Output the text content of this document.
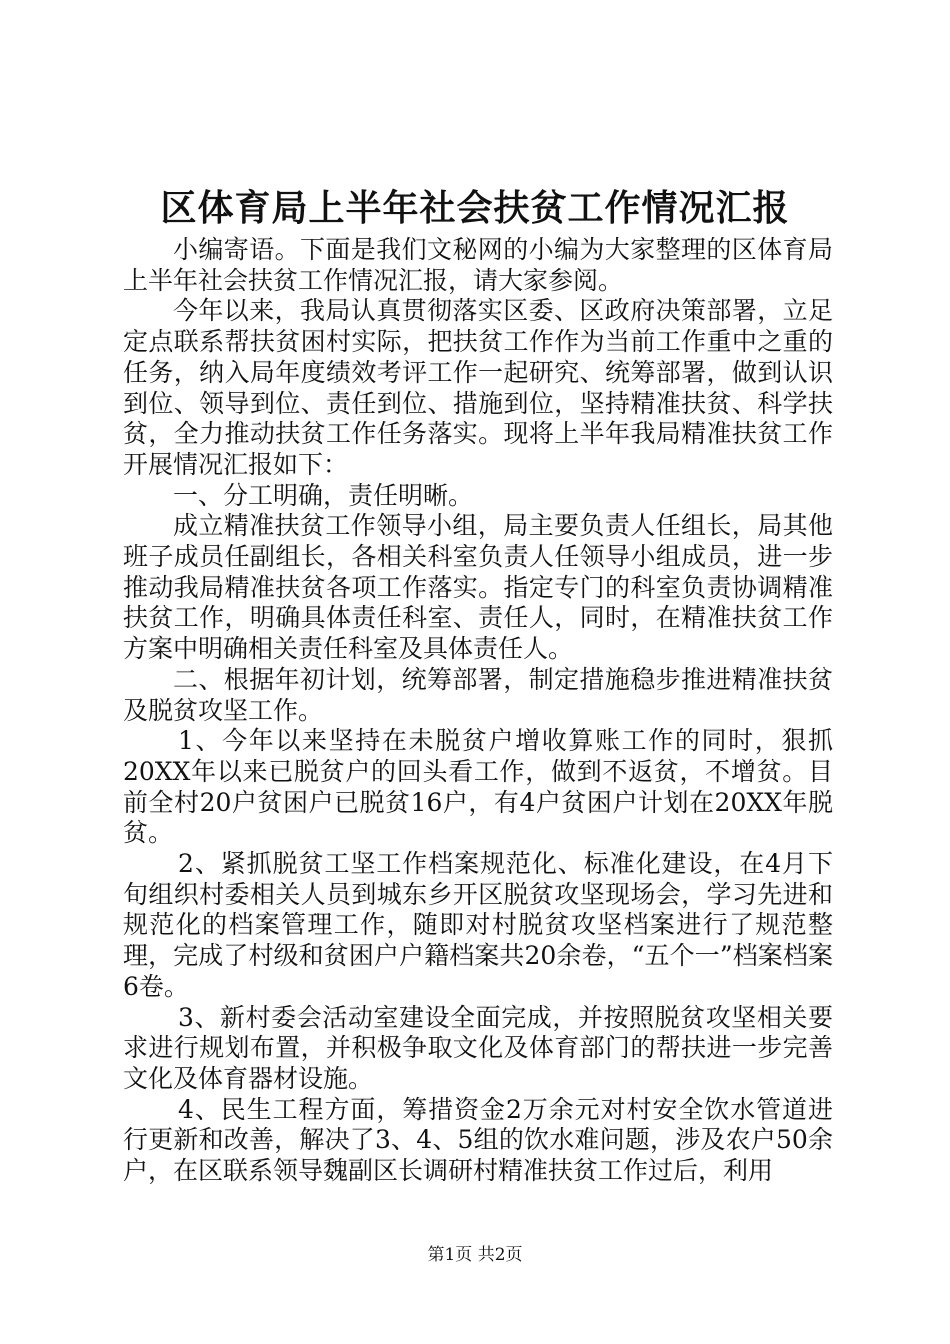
区体育局上半年社会扶贫工作情况汇报

小编寄语。下面是我们文秘网的小编为大家整理的区体育局上半年社会扶贫工作情况汇报，请大家参阅。

今年以来，我局认真贯彻落实区委、区政府决策部署，立足定点联系帮扶贫困村实际，把扶贫工作作为当前工作重中之重的任务，纳入局年度绩效考评工作一起研究、统筹部署，做到认识到位、领导到位、责任到位、措施到位，坚持精准扶贫、科学扶贫，全力推动扶贫工作任务落实。现将上半年我局精准扶贫工作开展情况汇报如下：

一、分工明确，责任明晰。

成立精准扶贫工作领导小组，局主要负责人任组长，局其他班子成员任副组长，各相关科室负责人任领导小组成员，进一步推动我局精准扶贫各项工作落实。指定专门的科室负责协调精准扶贫工作，明确具体责任科室、责任人，同时，在精准扶贫工作方案中明确相关责任科室及具体责任人。

二、根据年初计划，统筹部署，制定措施稳步推进精准扶贫及脱贫攻坚工作。

1、今年以来坚持在未脱贫户增收算账工作的同时，狠抓20XX年以来已脱贫户的回头看工作，做到不返贫，不增贫。目前全村20户贫困户已脱贫16户，有4户贫困户计划在20XX年脱贫。

2、紧抓脱贫工坚工作档案规范化、标准化建设，在4月下旬组织村委相关人员到城东乡开区脱贫攻坚现场会，学习先进和规范化的档案管理工作，随即对村脱贫攻坚档案进行了规范整理，完成了村级和贫困户户籍档案共20余卷，“五个一”档案档案6卷。

3、新村委会活动室建设全面完成，并按照脱贫攻坚相关要求进行规划布置，并积极争取文化及体育部门的帮扶进一步完善文化及体育器材设施。

4、民生工程方面，筹措资金2万余元对村安全饮水管道进行更新和改善，解决了3、4、5组的饮水难问题，涉及农户50余户，在区联系领导魏副区长调研村精准扶贫工作过后，利用

第1页 共2页
